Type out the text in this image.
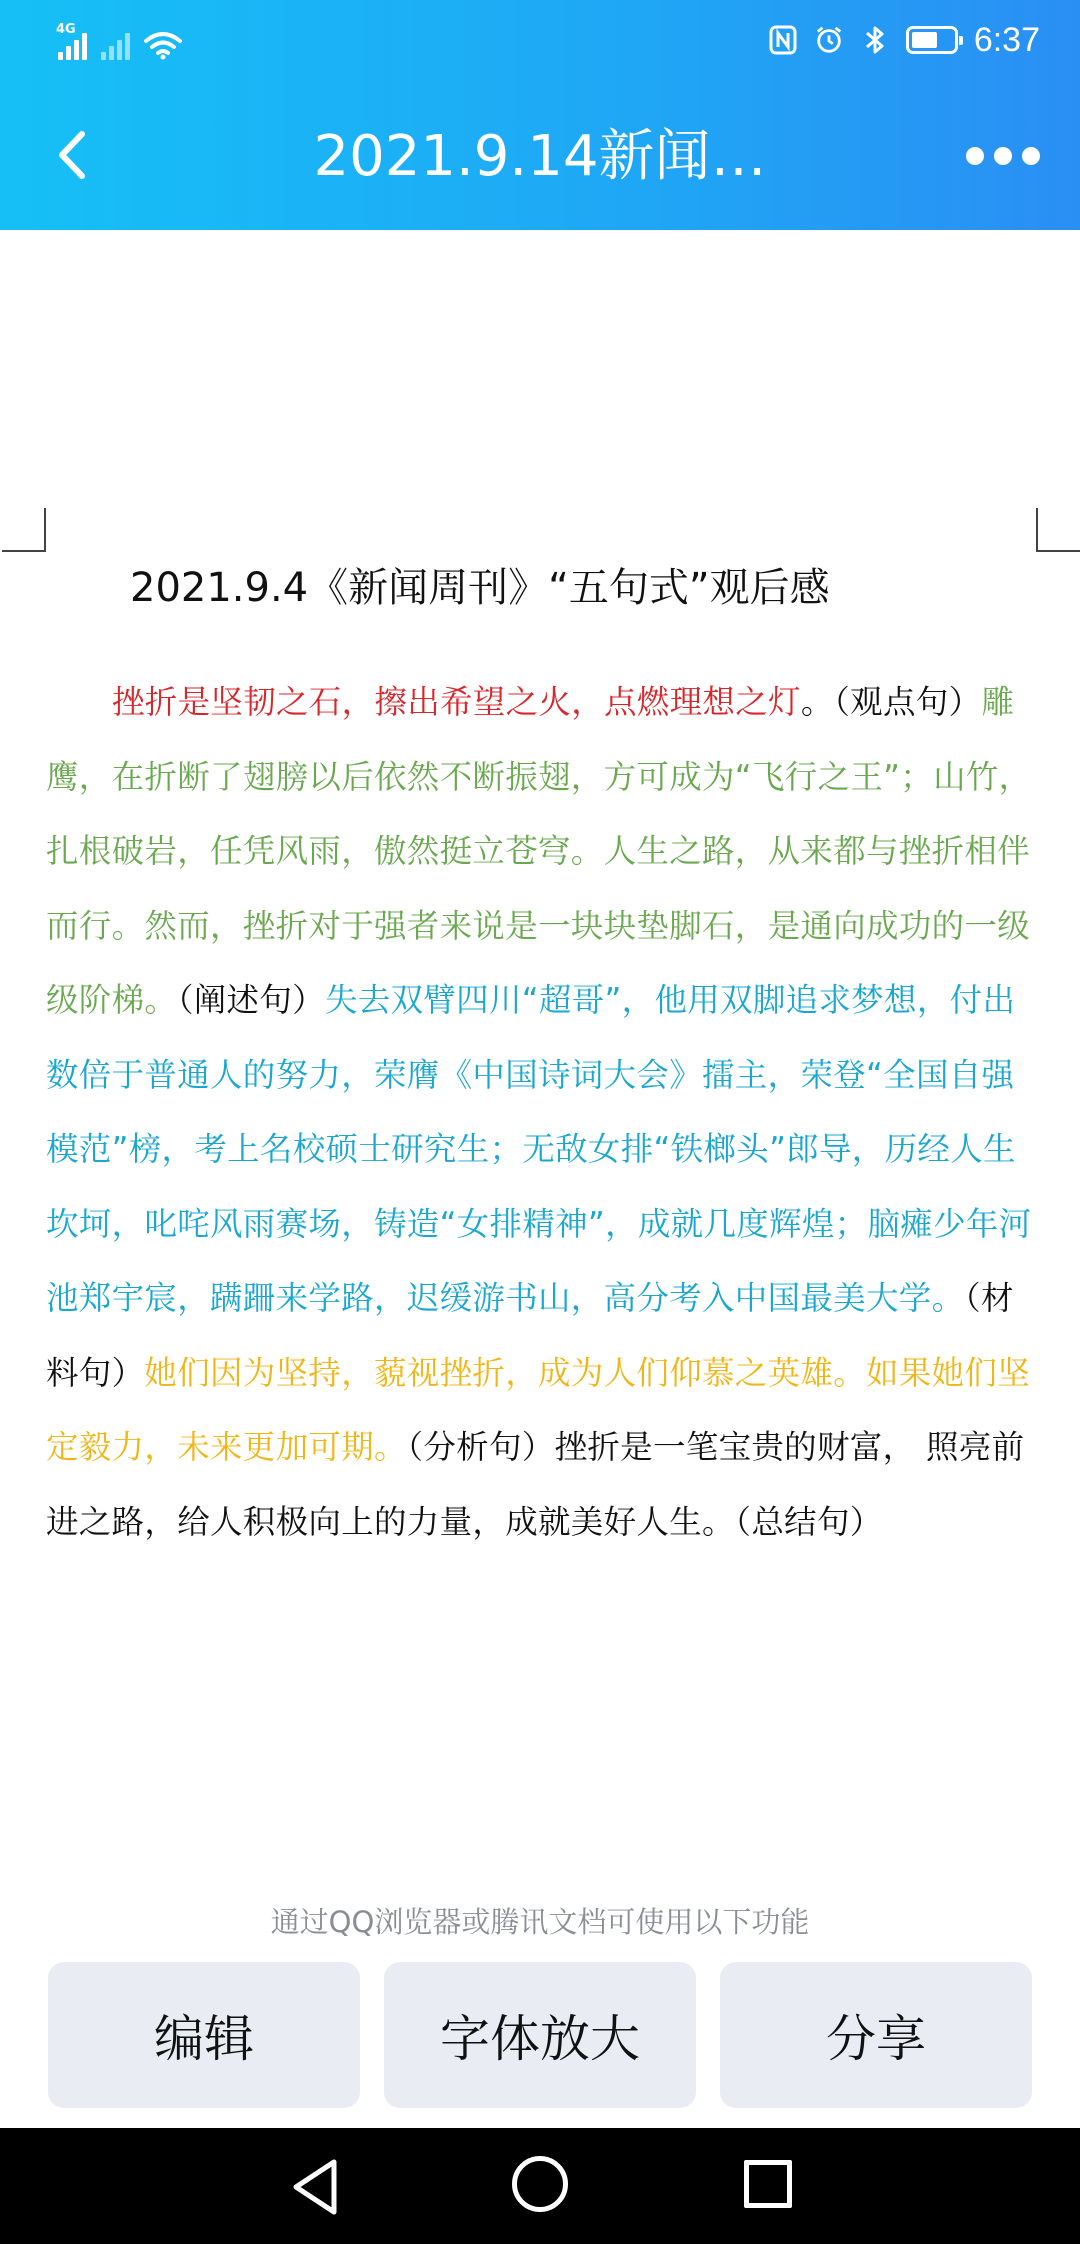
4G	6:37
2021.9.14新闻…
2021.9.4《新闻周刊》“五句式”观后感
挫折是坚韧之石，擦出希望之火，点燃理想之灯。（观点句）雕鹰，在折断了翅膀以后依然不断振翅，方可成为“飞行之王”；山竹，扎根破岩，任凭风雨，傲然挺立苍穹。人生之路，从来都与挫折相伴而行。然而，挫折对于强者来说是一块块垫脚石，是通向成功的一级级阶梯。（阐述句）失去双臂四川“超哥”，他用双脚追求梦想，付出数倍于普通人的努力，荣膺《中国诗词大会》擂主，荣登“全国自强模范”榜，考上名校硕士研究生；无敌女排“铁榔头”郎导，历经人生坎坷，叱咤风雨赛场，铸造“女排精神”，成就几度辉煌；脑瘫少年河池郑宇宸，蹒跚来学路，迟缓游书山，高分考入中国最美大学。（材料句）她们因为坚持，藐视挫折，成为人们仰慕之英雄。如果她们坚定毅力，未来更加可期。（分析句）挫折是一笔宝贵的财富， 照亮前进之路，给人积极向上的力量，成就美好人生。（总结句）
通过QQ浏览器或腾讯文档可使用以下功能
编辑	字体放大	分享
